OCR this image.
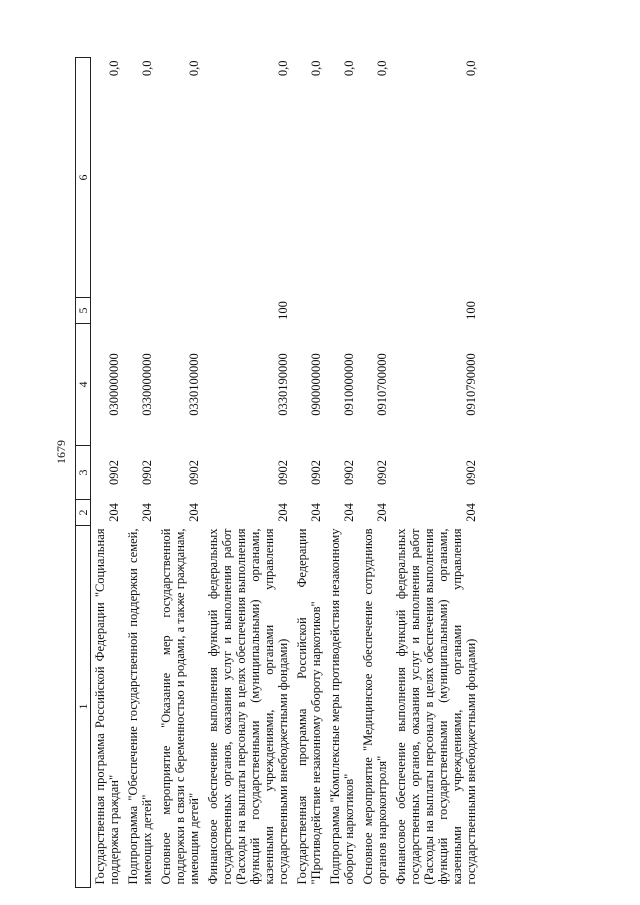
1679
1	2	3	4	5	6
Государственная программа Российской Федерации "Социальная поддержка граждан"	204	0902	0300000000		0,0
Подпрограмма "Обеспечение государственной поддержки семей, имеющих детей"	204	0902	0330000000		0,0
Основное мероприятие "Оказание мер государственной поддержки в связи с беременностью и родами, а также гражданам, имеющим детей"	204	0902	0330100000		0,0
Финансовое обеспечение выполнения функций федеральных государственных органов, оказания услуг и выполнения работ (Расходы на выплаты персоналу в целях обеспечения выполнения функций государственными (муниципальными) органами, казенными учреждениями, органами управления государственными внебюджетными фондами)	204	0902	0330190000	100	0,0
Государственная программа Российской Федерации "Противодействие незаконному обороту наркотиков"	204	0902	0900000000		0,0
Подпрограмма "Комплексные меры противодействия незаконному обороту наркотиков"	204	0902	0910000000		0,0
Основное мероприятие "Медицинское обеспечение сотрудников органов наркоконтроля"	204	0902	0910700000		0,0
Финансовое обеспечение выполнения функций федеральных государственных органов, оказания услуг и выполнения работ (Расходы на выплаты персоналу в целях обеспечения выполнения функций государственными (муниципальными) органами, казенными учреждениями, органами управления государственными внебюджетными фондами)	204	0902	0910790000	100	0,0
